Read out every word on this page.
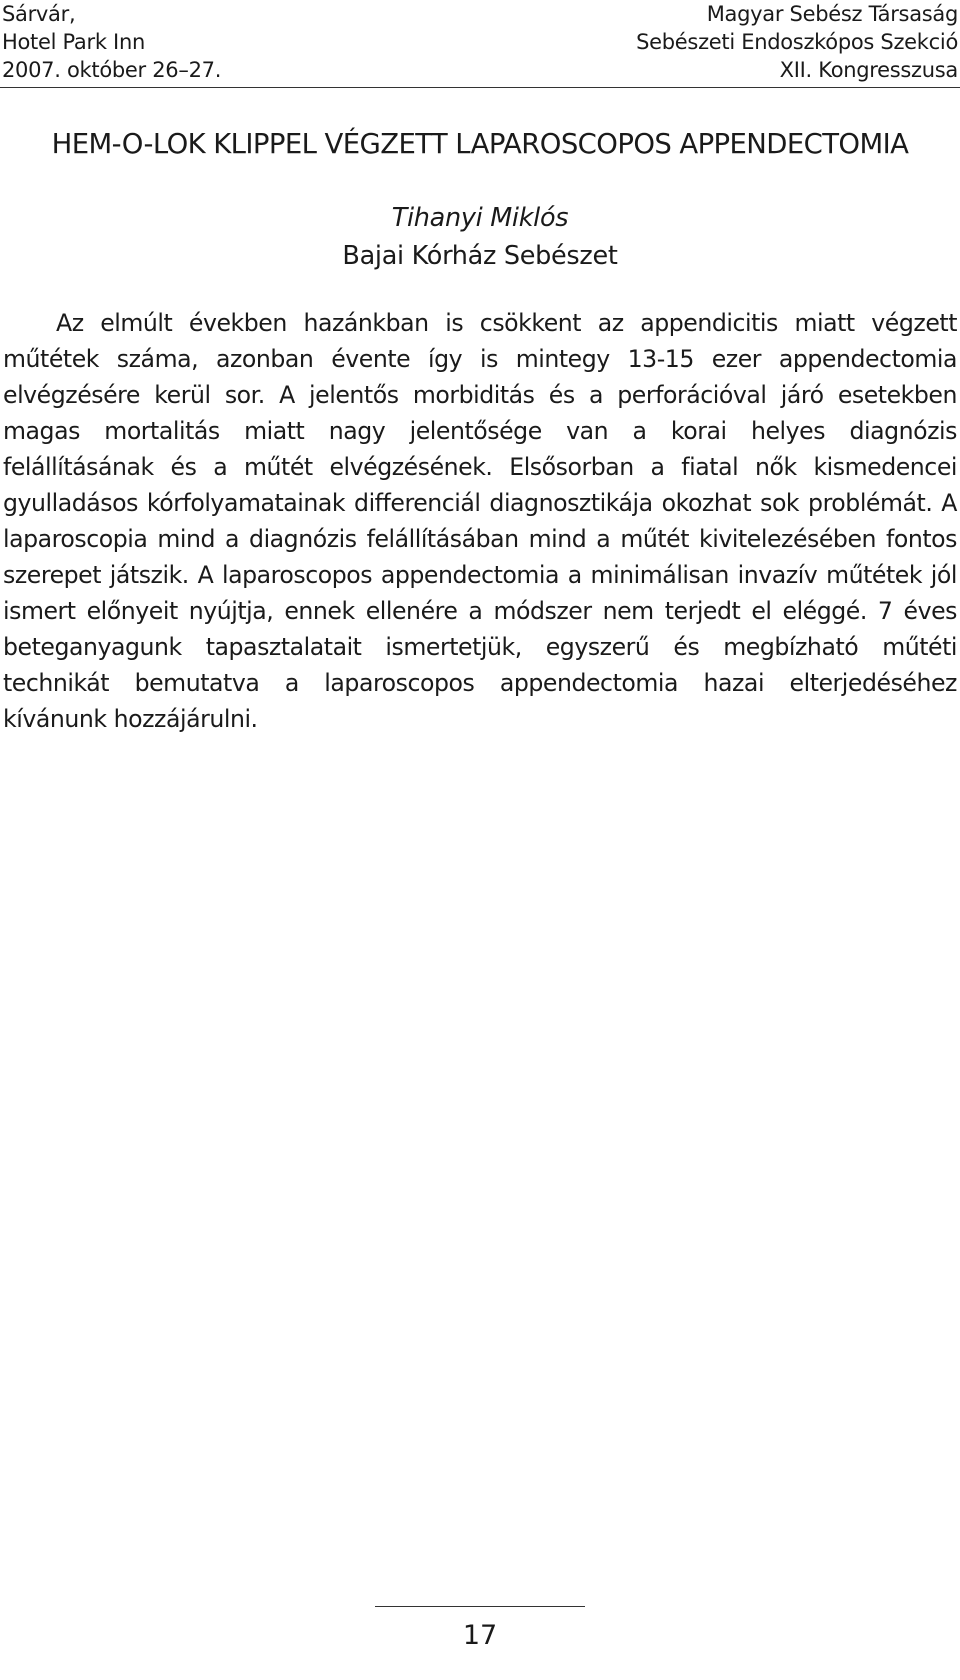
Sárvár,
Hotel Park Inn
2007. október 26–27.
Magyar Sebész Társaság
Sebészeti Endoszkópos Szekció
XII. Kongresszusa
HEM-O-LOK KLIPPEL VÉGZETT LAPAROSCOPOS APPENDECTOMIA
Tihanyi Miklós
Bajai Kórház Sebészet

Az elmúlt években hazánkban is csökkent az appendicitis miatt végzett műtétek száma, azonban évente így is mintegy 13-15 ezer appendectomia elvégzésére kerül sor. A jelentős morbiditás és a perforációval járó esetekben magas mortalitás miatt nagy jelentősége van a korai helyes diagnózis felállításának és a műtét elvégzésének. Elsősorban a fiatal nők kismedencei gyulladásos kórfolyamatainak differenciál diagnosztikája okozhat sok problémát. A laparoscopia mind a diagnózis felállításában mind a műtét kivitelezésében fontos szerepet játszik. A laparoscopos appendectomia a minimálisan invazív műtétek jól ismert előnyeit nyújtja, ennek ellenére a módszer nem terjedt el eléggé. 7 éves beteganyagunk tapasztalatait ismertetjük, egyszerű és megbízható műtéti technikát bemutatva a laparoscopos appendectomia hazai elterjedéséhez kívánunk hozzájárulni.

17
